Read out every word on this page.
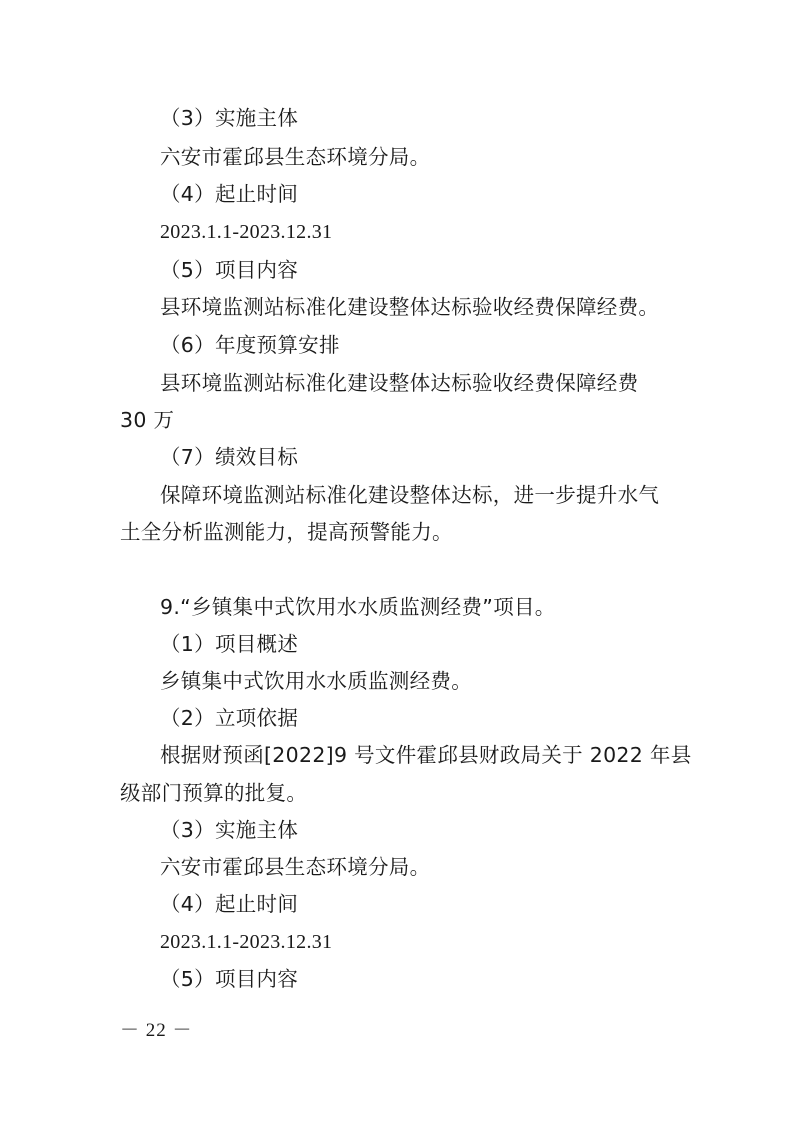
（3）实施主体
六安市霍邱县生态环境分局。
（4）起止时间
2023.1.1-2023.12.31
（5）项目内容
县环境监测站标准化建设整体达标验收经费保障经费。
（6）年度预算安排
县环境监测站标准化建设整体达标验收经费保障经费
30 万
（7）绩效目标
保障环境监测站标准化建设整体达标，进一步提升水气
土全分析监测能力，提高预警能力。
9.“乡镇集中式饮用水水质监测经费”项目。
（1）项目概述
乡镇集中式饮用水水质监测经费。
（2）立项依据
根据财预函[2022]9 号文件霍邱县财政局关于 2022 年县
级部门预算的批复。
（3）实施主体
六安市霍邱县生态环境分局。
（4）起止时间
2023.1.1-2023.12.31
（5）项目内容
－ 22 －
